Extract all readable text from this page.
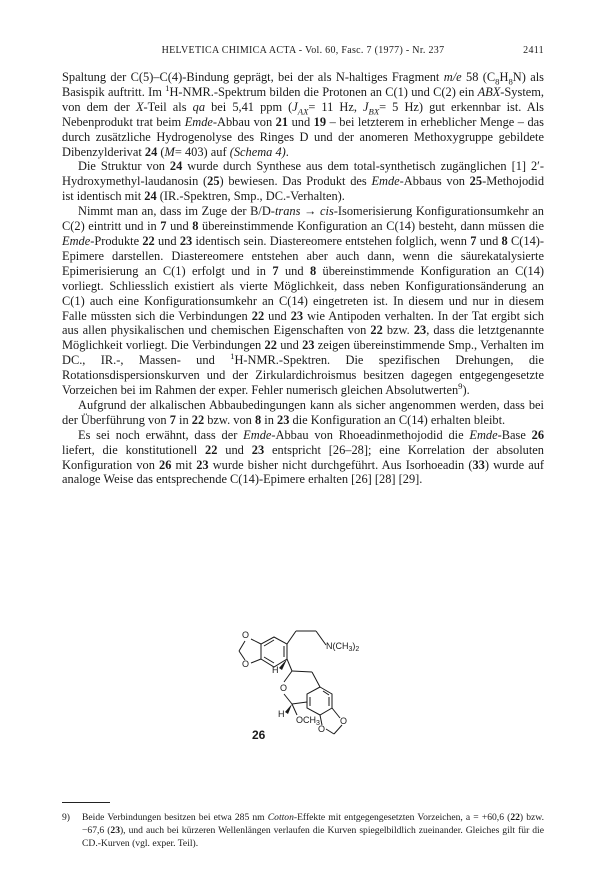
HELVETICA CHIMICA ACTA - Vol. 60, Fasc. 7 (1977) - Nr. 237	2411

Spaltung der C(5)–C(4)-Bindung geprägt, bei der als N-haltiges Fragment m/e 58 $(C_8H_8N)$ als Basispik auftritt. Im $^1$H-NMR.-Spektrum bilden die Protonen an C(1) und C(2) ein ABX-System, von dem der X-Teil als qa bei 5,41 ppm ($J_{AX}= 11$ Hz, $J_{BX}= 5$ Hz) gut erkennbar ist. Als Nebenprodukt trat beim Emde-Abbau von 21 und 19 – bei letzterem in erheblicher Menge – das durch zusätzliche Hydrogenolyse des Ringes D und der anomeren Methoxygruppe gebildete Dibenzylderivat 24 (M= 403) auf (Schema 4).

Die Struktur von 24 wurde durch Synthese aus dem total-synthetisch zugänglichen [1] 2′-Hydroxymethyl-laudanosin (25) bewiesen. Das Produkt des Emde-Abbaus von 25-Methojodid ist identisch mit 24 (IR.-Spektren, Smp., DC.-Verhalten).

Nimmt man an, dass im Zuge der B/D-trans → cis-Isomerisierung Konfigurationsumkehr an C(2) eintritt und in 7 und 8 übereinstimmende Konfiguration an C(14) besteht, dann müssen die Emde-Produkte 22 und 23 identisch sein. Diastereomere entstehen folglich, wenn 7 und 8 C(14)-Epimere darstellen. Diastereomere entstehen aber auch dann, wenn die säurekatalysierte Epimerisierung an C(1) erfolgt und in 7 und 8 übereinstimmende Konfiguration an C(14) vorliegt. Schliesslich existiert als vierte Möglichkeit, dass neben Konfigurationsänderung an C(1) auch eine Konfigurationsumkehr an C(14) eingetreten ist. In diesem und nur in diesem Falle müssten sich die Verbindungen 22 und 23 wie Antipoden verhalten. In der Tat ergibt sich aus allen physikalischen und chemischen Eigenschaften von 22 bzw. 23, dass die letztgenannte Möglichkeit vorliegt. Die Verbindungen 22 und 23 zeigen übereinstimmende Smp., Verhalten im DC., IR.-, Massen- und $^1$H-NMR.-Spektren. Die spezifischen Drehungen, die Rotationsdispersionskurven und der Zirkulardichroismus besitzen dagegen entgegengesetzte Vorzeichen bei im Rahmen der exper. Fehler numerisch gleichen Absolutwerten$^9$).

Aufgrund der alkalischen Abbaubedingungen kann als sicher angenommen werden, dass bei der Überführung von 7 in 22 bzw. von 8 in 23 die Konfiguration an C(14) erhalten bleibt.

Es sei noch erwähnt, dass der Emde-Abbau von Rhoeadinmethojodid die Emde-Base 26 liefert, die konstitutionell 22 und 23 entspricht [26–28]; eine Korrelation der absoluten Konfiguration von 26 mit 23 wurde bisher nicht durchgeführt. Aus Isorhoeadin (33) wurde auf analoge Weise das entsprechende C(14)-Epimere erhalten [26] [28] [29].

O
O
$N(CH_3)_2$
H
O
H
$OCH_3$
O
O
26
9)	Beide Verbindungen besitzen bei etwa 285 nm Cotton-Effekte mit entgegengesetzten Vorzeichen, a = +60,6 (22) bzw. −67,6 (23), und auch bei kürzeren Wellenlängen verlaufen die Kurven spiegelbildlich zueinander. Gleiches gilt für die CD.-Kurven (vgl. exper. Teil).
